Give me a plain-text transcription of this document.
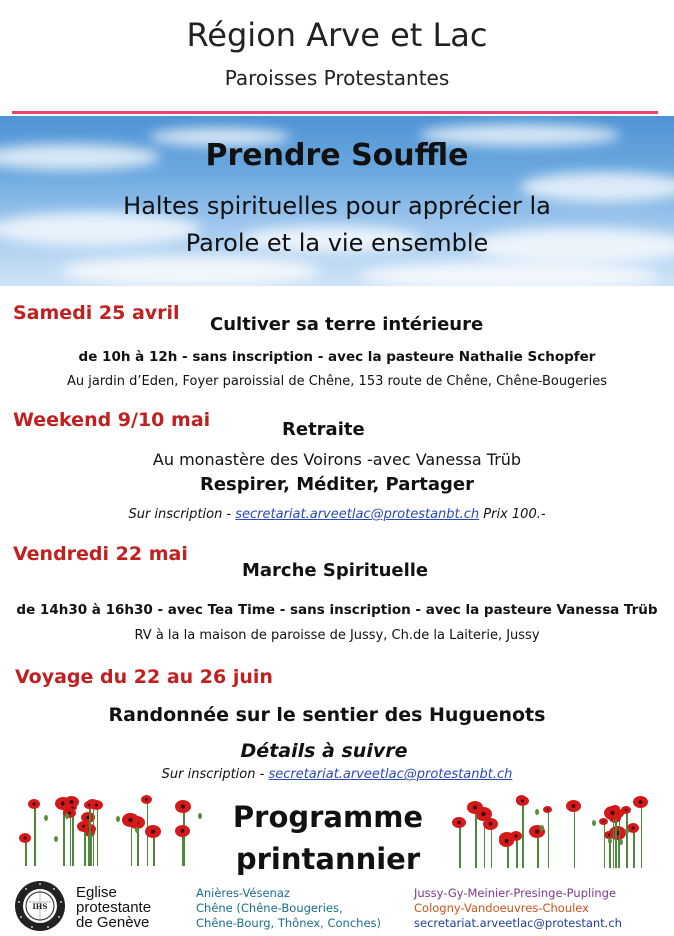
Région Arve et Lac
Paroisses Protestantes
Prendre Souffle
Haltes spirituelles pour apprécier la
Parole et la vie ensemble
Samedi 25 avril
Cultiver sa terre intérieure
de 10h à 12h - sans inscription - avec la pasteure Nathalie Schopfer
Au jardin d’Eden, Foyer paroissial de Chêne, 153 route de Chêne, Chêne-Bougeries
Weekend 9/10 mai	Retraite
Au monastère des Voirons -avec Vanessa Trüb
Respirer, Méditer, Partager
Sur inscription - secretariat.arveetlac@protestanbt.ch Prix 100.-
Vendredi 22 mai
Marche Spirituelle
de 14h30 à 16h30 - avec Tea Time - sans inscription - avec la pasteure Vanessa Trüb
RV à la la maison de paroisse de Jussy, Ch.de la Laiterie, Jussy
Voyage du 22 au 26 juin
Randonnée sur le sentier des Huguenots
Détails à suivre
Sur inscription - secretariat.arveetlac@protestanbt.ch
Programme
printannier
IHS
Eglise
protestante
de Genève
Anières-Vésenaz
Chêne (Chêne-Bougeries,
Chêne-Bourg, Thônex, Conches)
Jussy-Gy-Meinier-Presinge-Puplinge
Cologny-Vandoeuvres-Choulex
secretariat.arveetlac@protestant.ch
